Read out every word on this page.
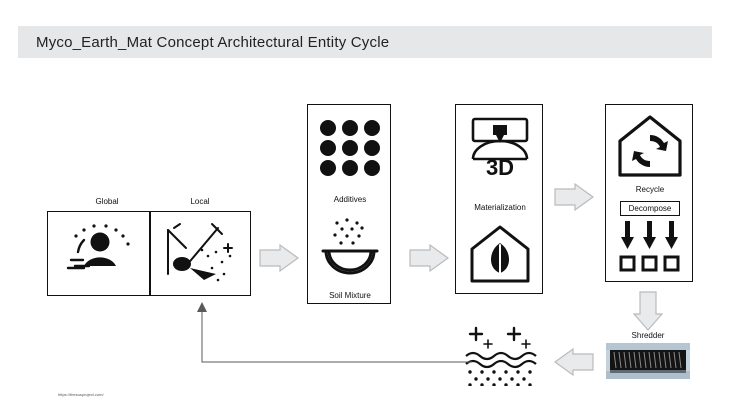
Myco_Earth_Mat Concept Architectural Entity Cycle
Global	Local	Additives
Soil Mixture
3D
Materialization
Recycle
Decompose
Shredder
https://thesusproject.com/
